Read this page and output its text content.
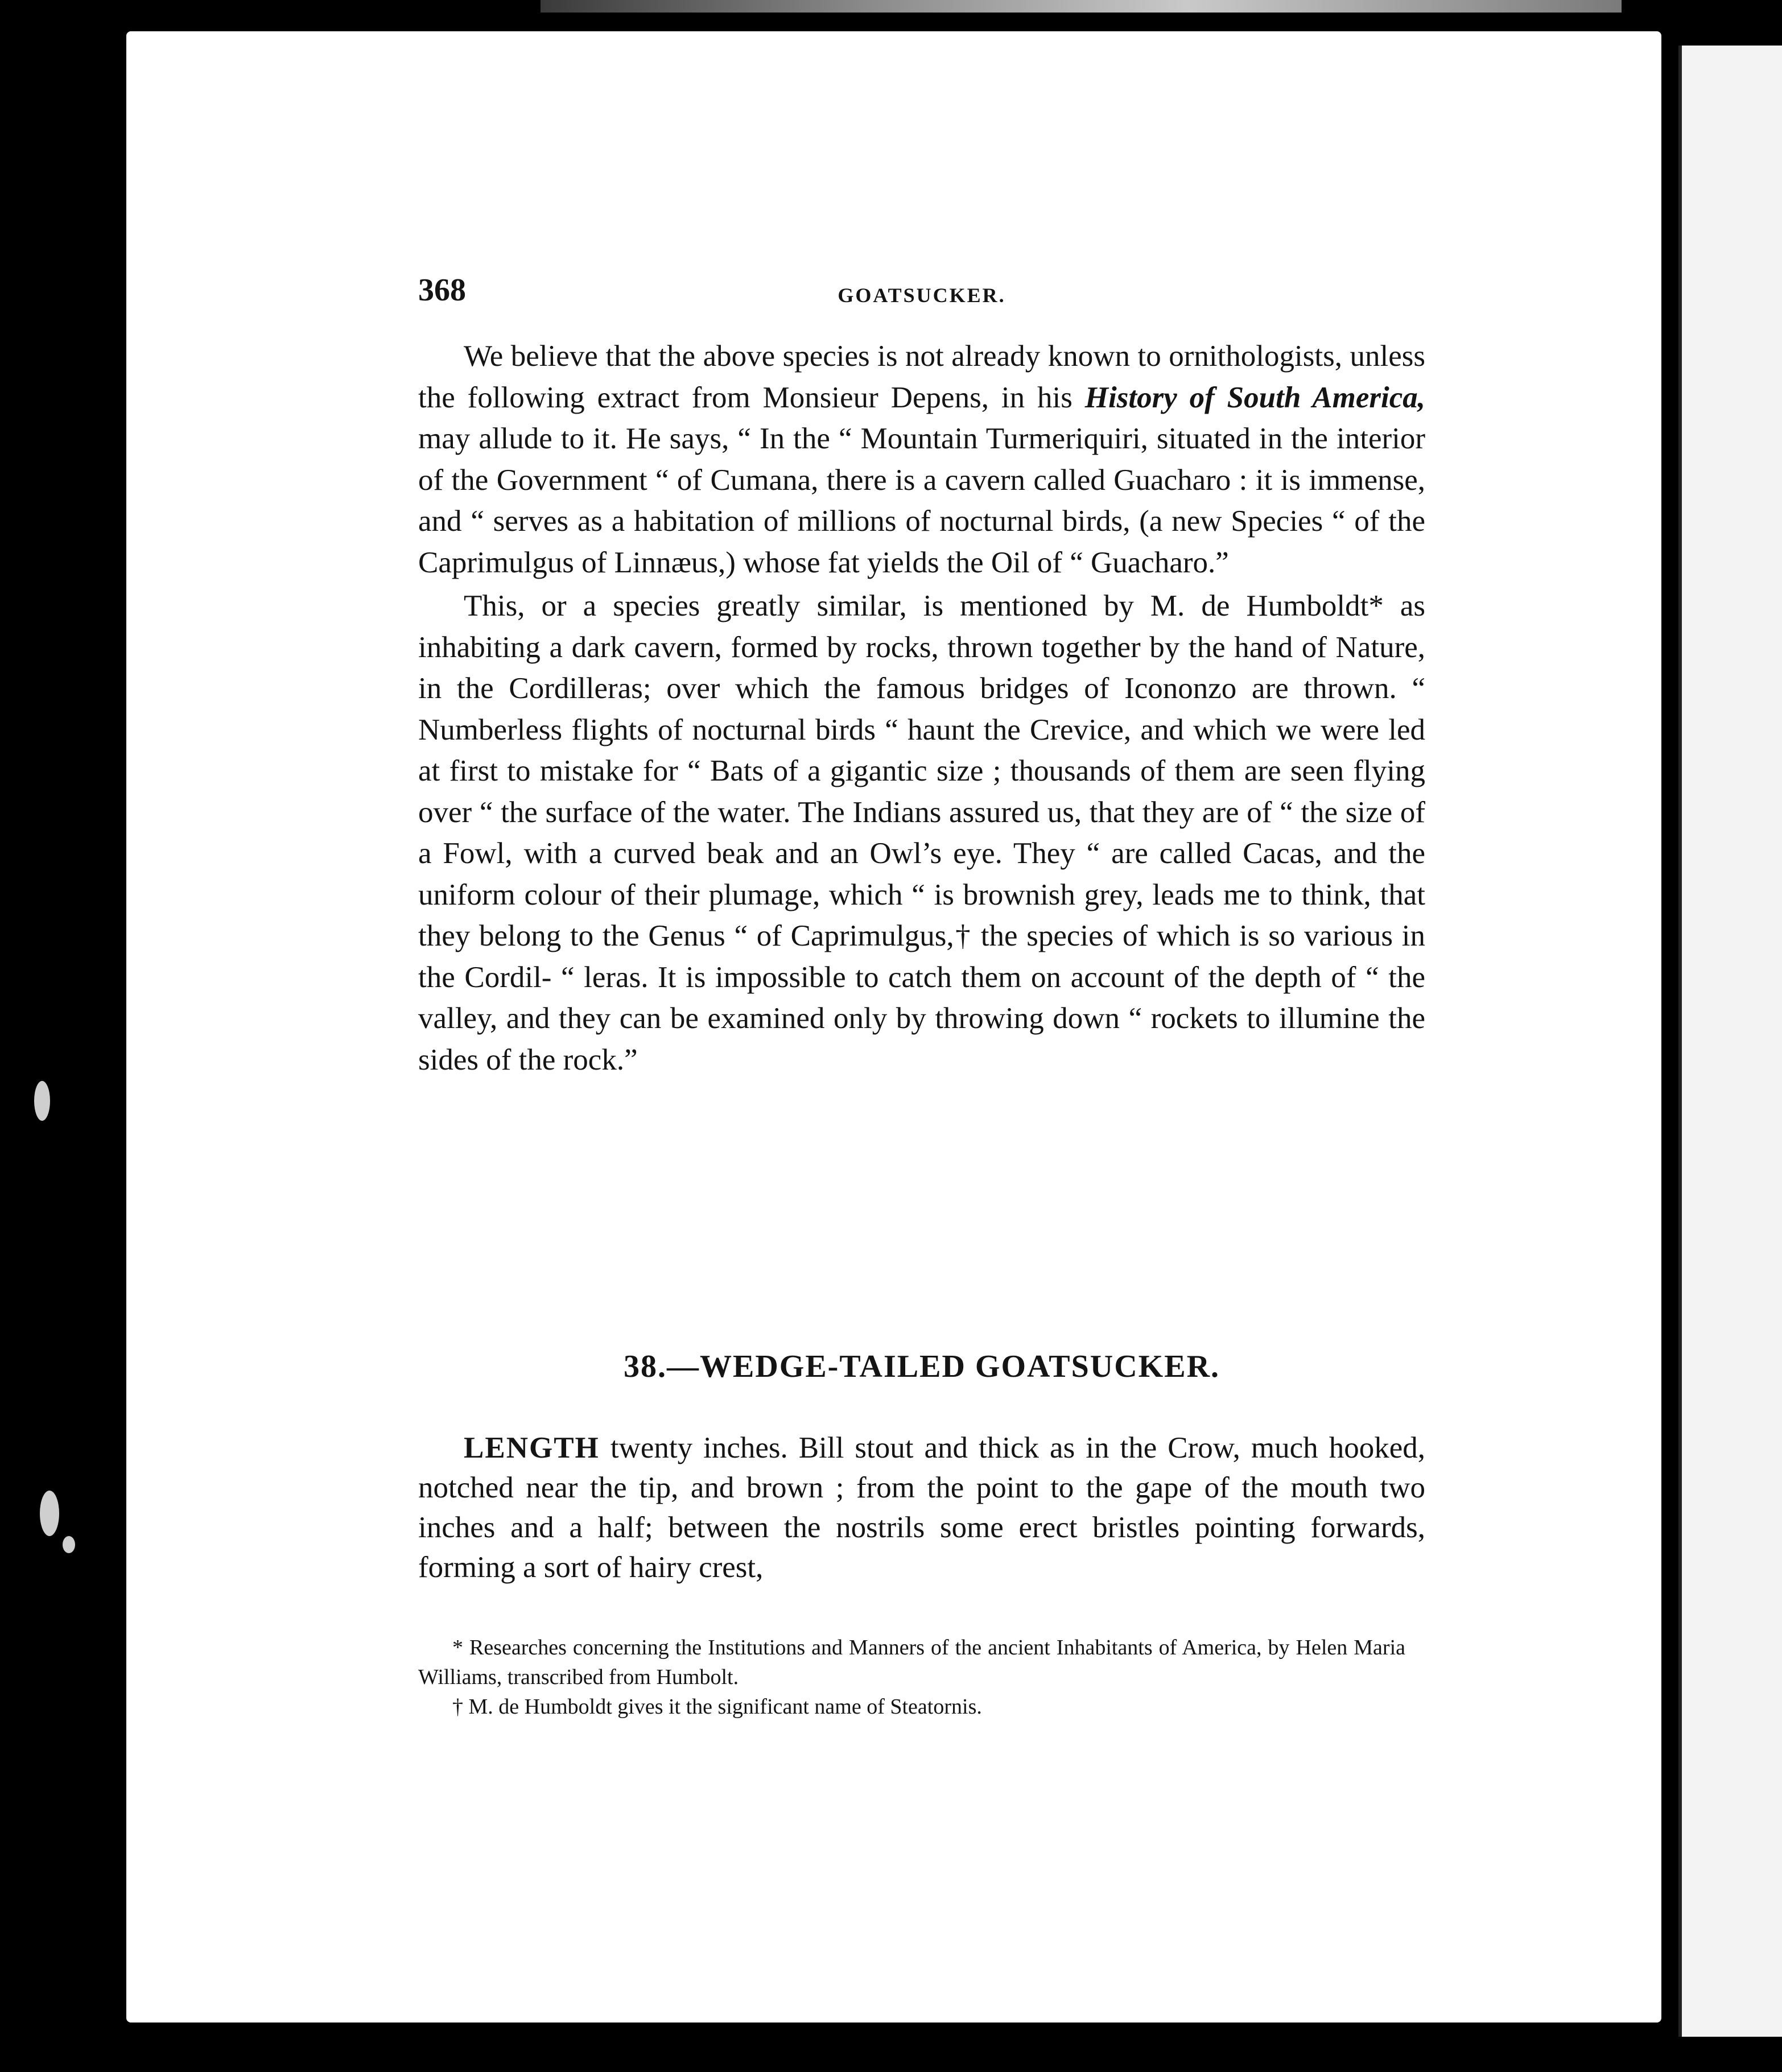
368	GOATSUCKER.

We believe that the above species is not already known to ornithologists, unless the following extract from Monsieur Depens, in his History of South America, may allude to it. He says, “ In the “ Mountain Turmeriquiri, situated in the interior of the Government “ of Cumana, there is a cavern called Guacharo : it is immense, and “ serves as a habitation of millions of nocturnal birds, (a new Species “ of the Caprimulgus of Linnæus,) whose fat yields the Oil of “ Guacharo.”

This, or a species greatly similar, is mentioned by M. de Humboldt* as inhabiting a dark cavern, formed by rocks, thrown together by the hand of Nature, in the Cordilleras; over which the famous bridges of Icononzo are thrown. “ Numberless flights of nocturnal birds “ haunt the Crevice, and which we were led at first to mistake for “ Bats of a gigantic size ; thousands of them are seen flying over “ the surface of the water. The Indians assured us, that they are of “ the size of a Fowl, with a curved beak and an Owl’s eye. They “ are called Cacas, and the uniform colour of their plumage, which “ is brownish grey, leads me to think, that they belong to the Genus “ of Caprimulgus,† the species of which is so various in the Cordil- “ leras. It is impossible to catch them on account of the depth of “ the valley, and they can be examined only by throwing down “ rockets to illumine the sides of the rock.”

38.—WEDGE-TAILED GOATSUCKER.

LENGTH twenty inches. Bill stout and thick as in the Crow, much hooked, notched near the tip, and brown ; from the point to the gape of the mouth two inches and a half; between the nostrils some erect bristles pointing forwards, forming a sort of hairy crest,

* Researches concerning the Institutions and Manners of the ancient Inhabitants of America, by Helen Maria Williams, transcribed from Humbolt.

† M. de Humboldt gives it the significant name of Steatornis.
